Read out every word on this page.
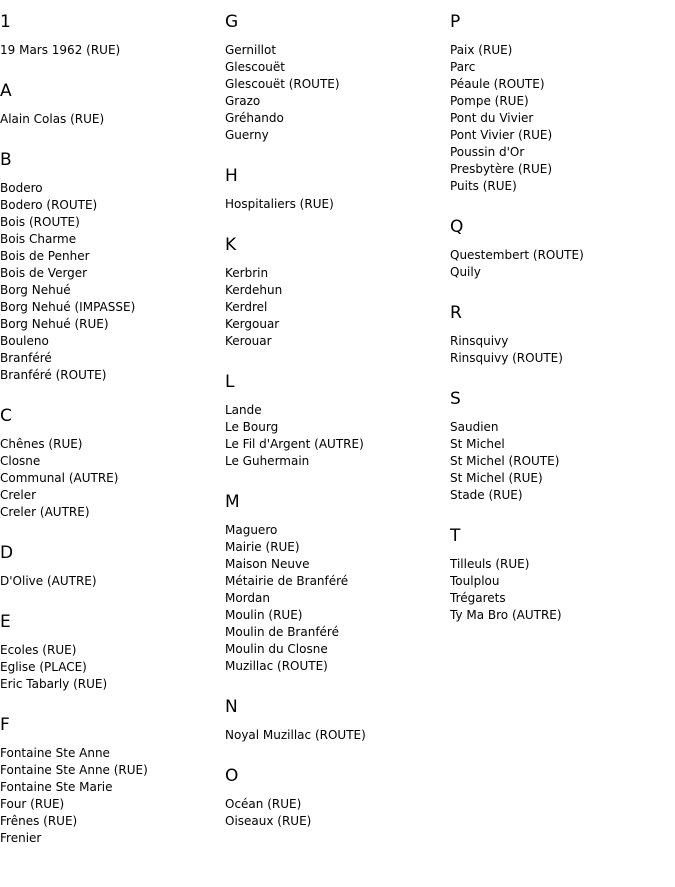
1
19 Mars 1962 (RUE)
A
Alain Colas (RUE)
B
Bodero
Bodero (ROUTE)
Bois (ROUTE)
Bois Charme
Bois de Penher
Bois de Verger
Borg Nehué
Borg Nehué (IMPASSE)
Borg Nehué (RUE)
Bouleno
Branféré
Branféré (ROUTE)
C
Chênes (RUE)
Closne
Communal (AUTRE)
Creler
Creler (AUTRE)
D
D'Olive (AUTRE)
E
Ecoles (RUE)
Eglise (PLACE)
Eric Tabarly (RUE)
F
Fontaine Ste Anne
Fontaine Ste Anne (RUE)
Fontaine Ste Marie
Four (RUE)
Frênes (RUE)
Frenier
G
Gernillot
Glescouët
Glescouët (ROUTE)
Grazo
Gréhando
Guerny
H
Hospitaliers (RUE)
K
Kerbrin
Kerdehun
Kerdrel
Kergouar
Kerouar
L
Lande
Le Bourg
Le Fil d'Argent (AUTRE)
Le Guhermain
M
Maguero
Mairie (RUE)
Maison Neuve
Métairie de Branféré
Mordan
Moulin (RUE)
Moulin de Branféré
Moulin du Closne
Muzillac (ROUTE)
N
Noyal Muzillac (ROUTE)
O
Océan (RUE)
Oiseaux (RUE)
P
Paix (RUE)
Parc
Péaule (ROUTE)
Pompe (RUE)
Pont du Vivier
Pont Vivier (RUE)
Poussin d'Or
Presbytère (RUE)
Puits (RUE)
Q
Questembert (ROUTE)
Quily
R
Rinsquivy
Rinsquivy (ROUTE)
S
Saudien
St Michel
St Michel (ROUTE)
St Michel (RUE)
Stade (RUE)
T
Tilleuls (RUE)
Toulplou
Trégarets
Ty Ma Bro (AUTRE)
